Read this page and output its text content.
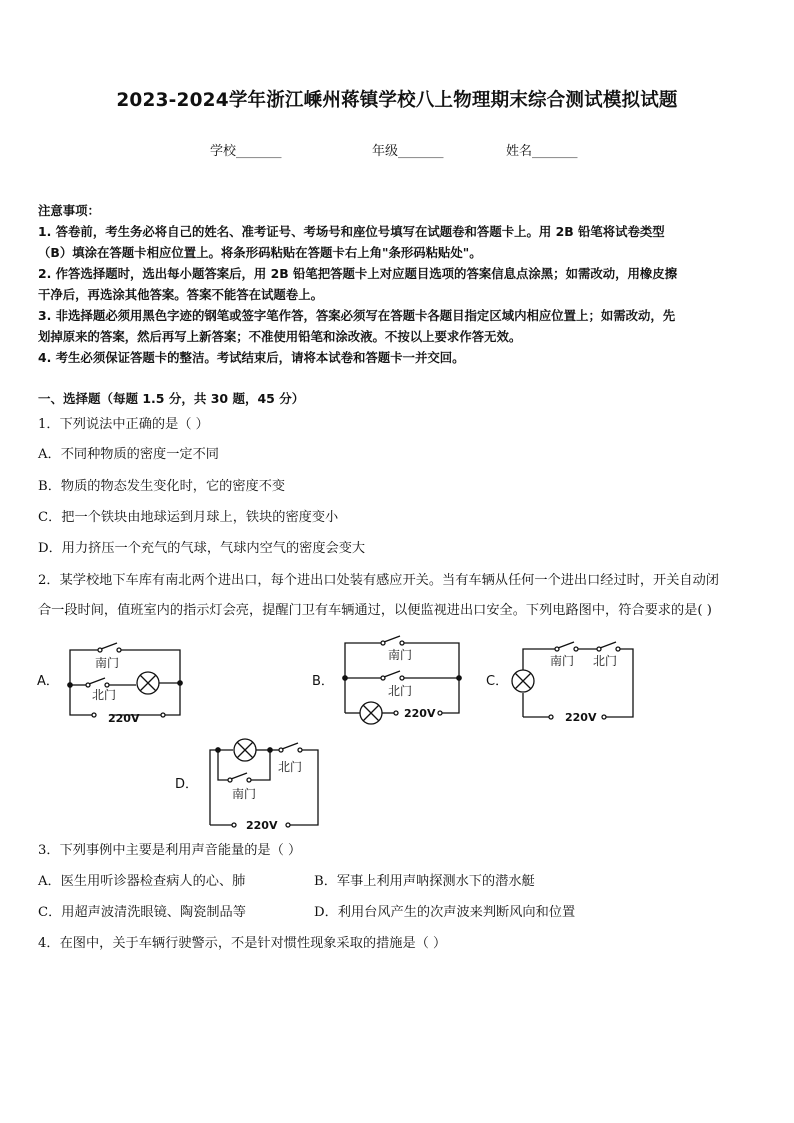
2023-2024学年浙江嵊州蒋镇学校八上物理期末综合测试模拟试题
学校_______	年级_______	姓名_______
注意事项：
1. 答卷前，考生务必将自己的姓名、准考证号、考场号和座位号填写在试题卷和答题卡上。用 2B 铅笔将试卷类型
（B）填涂在答题卡相应位置上。将条形码粘贴在答题卡右上角"条形码粘贴处"。
2. 作答选择题时，选出每小题答案后，用 2B 铅笔把答题卡上对应题目选项的答案信息点涂黑；如需改动，用橡皮擦
干净后，再选涂其他答案。答案不能答在试题卷上。
3. 非选择题必须用黑色字迹的钢笔或签字笔作答，答案必须写在答题卡各题目指定区域内相应位置上；如需改动，先
划掉原来的答案，然后再写上新答案；不准使用铅笔和涂改液。不按以上要求作答无效。
4. 考生必须保证答题卡的整洁。考试结束后，请将本试卷和答题卡一并交回。
一、选择题（每题 1.5 分，共 30 题，45 分）
1．下列说法中正确的是（ ）
A．不同种物质的密度一定不同
B．物质的物态发生变化时，它的密度不变
C．把一个铁块由地球运到月球上，铁块的密度变小
D．用力挤压一个充气的气球，气球内空气的密度会变大
2．某学校地下车库有南北两个进出口，每个进出口处装有感应开关。当有车辆从任何一个进出口经过时，开关自动闭
合一段时间，值班室内的指示灯会亮，提醒门卫有车辆通过，以便监视进出口安全。下列电路图中，符合要求的是( )
A．
南门
北门
220V
B．
南门
北门
220V
C．
南门 北门
220V
D．
北门
南门
220V
3．下列事例中主要是利用声音能量的是（ ）
A．医生用听诊器检查病人的心、肺	B．军事上利用声呐探测水下的潜水艇
C．用超声波清洗眼镜、陶瓷制品等	D．利用台风产生的次声波来判断风向和位置
4．在图中，关于车辆行驶警示，不是针对惯性现象采取的措施是（ ）
